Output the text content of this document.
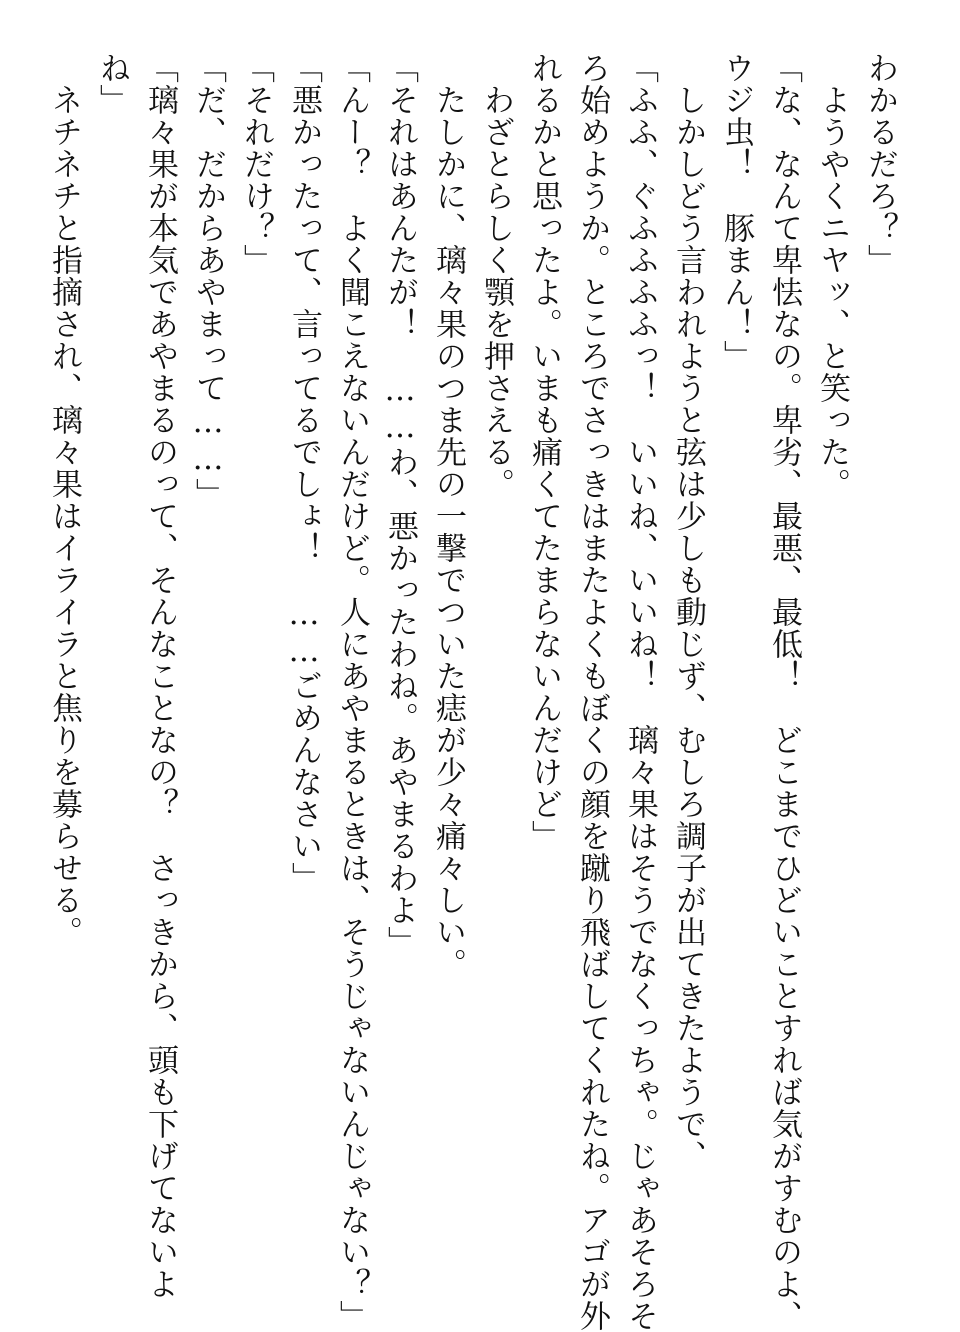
わかるだろ？」
　ようやくニヤッ、と笑った。
「な、なんて卑怯なの。卑劣、最悪、最低！　どこまでひどいことすれば気がすむのよ、
ウジ虫！　豚まん！」
　しかしどう言われようと弦は少しも動じず、むしろ調子が出てきたようで、
「ふふ、ぐふふふふっ！　いいね、いいね！　璃々果はそうでなくっちゃ。じゃあそろそ
ろ始めようか。ところでさっきはまたよくもぼくの顔を蹴り飛ばしてくれたね。アゴが外
れるかと思ったよ。いまも痛くてたまらないんだけど」
　わざとらしく顎を押さえる。
　たしかに、璃々果のつま先の一撃でついた痣が少々痛々しい。
「それはあんたが！　……わ、悪かったわね。あやまるわよ」
「んー？　よく聞こえないんだけど。人にあやまるときは、そうじゃないんじゃない？」
「悪かったって、言ってるでしょ！　……ごめんなさい」
「それだけ？」
「だ、だからあやまって……」
「璃々果が本気であやまるのって、そんなことなの？　さっきから、頭も下げてないよ
ね」
　ネチネチと指摘され、璃々果はイライラと焦りを募らせる。
